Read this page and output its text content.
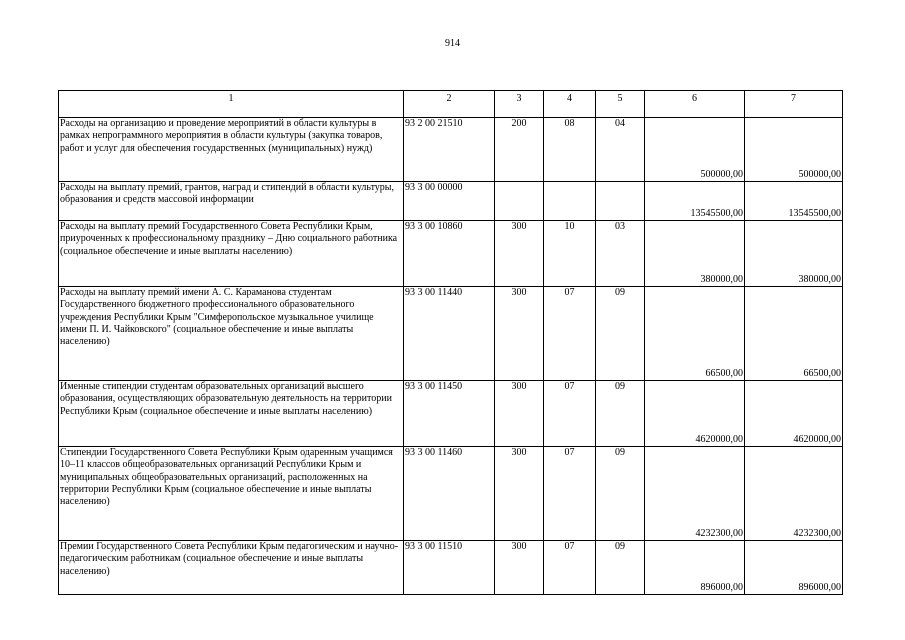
914
1	2	3	4	5	6	7
Расходы на организацию и проведение мероприятий в области культуры в рамках непрограммного мероприятия в области культуры (закупка товаров, работ и услуг для обеспечения государственных (муниципальных) нужд)	93 2 00 21510	200	08	04	500000,00	500000,00
Расходы на выплату премий, грантов, наград и стипендий в области культуры, образования и средств массовой информации	93 3 00 00000				13545500,00	13545500,00
Расходы на выплату премий Государственного Совета Республики Крым, приуроченных к профессиональному празднику – Дню социального работника (социальное обеспечение и иные выплаты населению)	93 3 00 10860	300	10	03	380000,00	380000,00
Расходы на выплату премий имени А. С. Караманова студентам Государственного бюджетного профессионального образовательного учреждения Республики Крым "Симферопольское музыкальное училище имени П. И. Чайковского" (социальное обеспечение и иные выплаты населению)	93 3 00 11440	300	07	09	66500,00	66500,00
Именные стипендии студентам образовательных организаций высшего образования, осуществляющих образовательную деятельность на территории Республики Крым (социальное обеспечение и иные выплаты населению)	93 3 00 11450	300	07	09	4620000,00	4620000,00
Стипендии Государственного Совета Республики Крым одаренным учащимся 10–11 классов общеобразовательных организаций Республики Крым и муниципальных общеобразовательных организаций, расположенных на территории Республики Крым (социальное обеспечение и иные выплаты населению)	93 3 00 11460	300	07	09	4232300,00	4232300,00
Премии Государственного Совета Республики Крым педагогическим и научно-педагогическим работникам (социальное обеспечение и иные выплаты населению)	93 3 00 11510	300	07	09	896000,00	896000,00
